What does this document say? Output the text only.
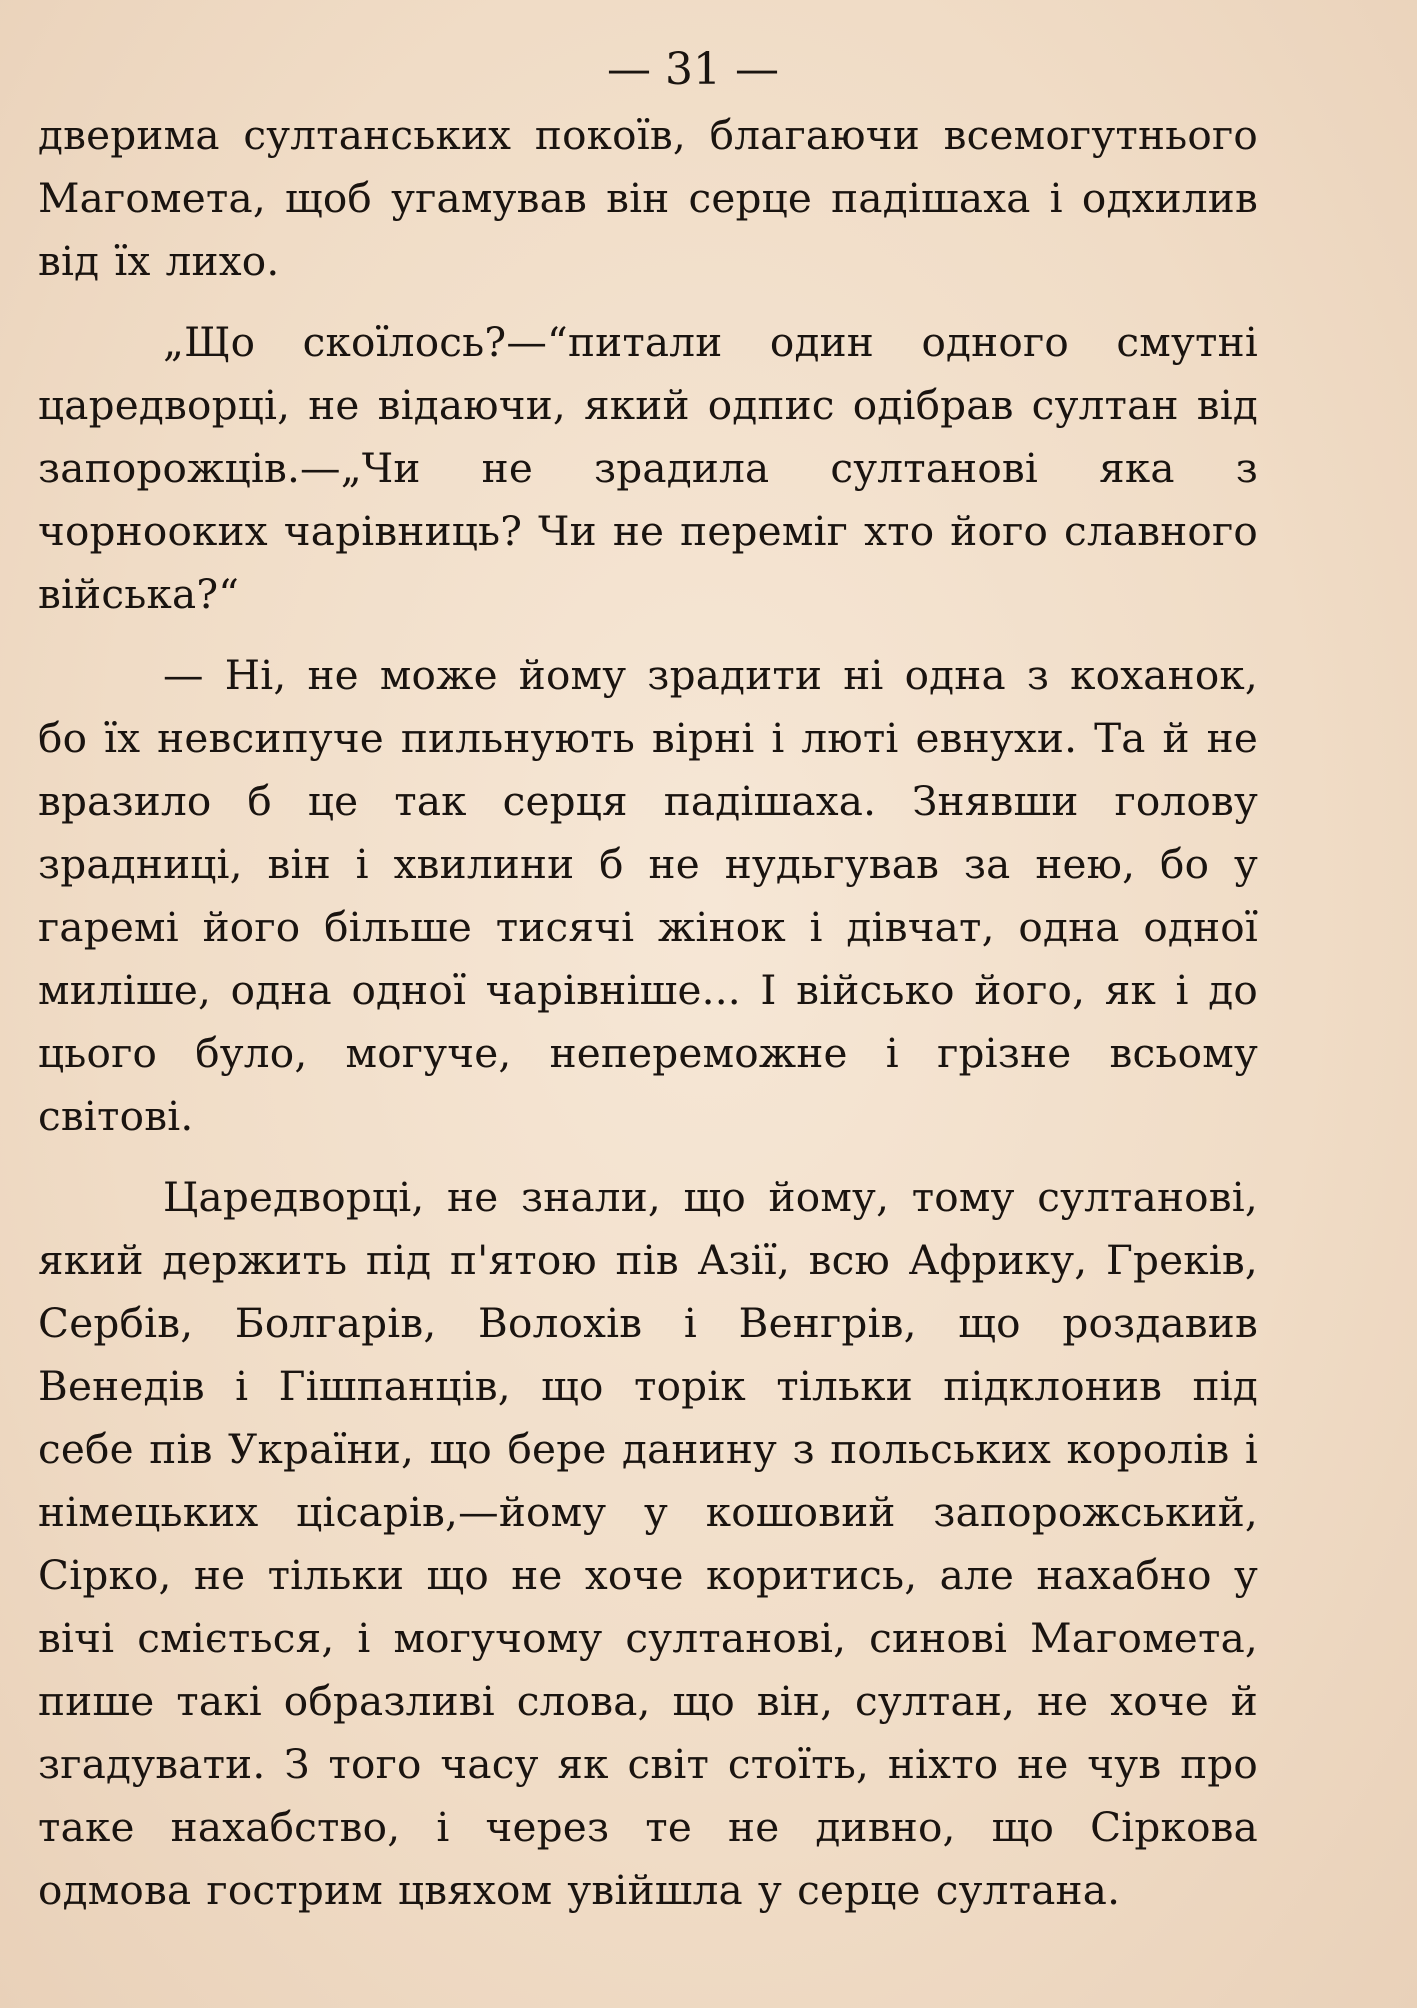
— 31 —

дверима султанських покоїв, благаючи всемогутнього Магомета, щоб угамував він серце падішаха і одхилив від їх лихо.

„Що скоїлось?—“питали один одного смутні царедворці, не відаючи, який одпис одібрав султан від запорожців.—„Чи не зрадила султанові яка з чорнооких чарівниць? Чи не переміг хто його славного війська?“

— Ні, не може йому зрадити ні одна з коханок, бо їх невсипуче пильнують вірні і люті евнухи. Та й не вразило б це так серця падішаха. Знявши голову зрадниці, він і хвилини б не нудьгував за нею, бо у гаремі його більше тисячі жінок і дівчат, одна одної миліше, одна одної чарівніше... І військо його, як і до цього було, могуче, непереможне і грізне всьому світові.

Царедворці, не знали, що йому, тому султанові, який держить під п'ятою пів Азії, всю Африку, Греків, Сербів, Болгарів, Волохів і Венгрів, що роздавив Венедів і Гішпанців, що торік тільки підклонив під себе пів України, що бере данину з польських королів і німецьких цісарів,—йому у кошовий запорожський, Сірко, не тільки що не хоче коритись, але нахабно у вічі сміється, і могучому султанові, синові Магомета, пише такі образливі слова, що він, султан, не хоче й згадувати. З того часу як світ стоїть, ніхто не чув про таке нахабство, і через те не дивно, що Сіркова одмова гострим цвяхом увійшла у серце султана.
